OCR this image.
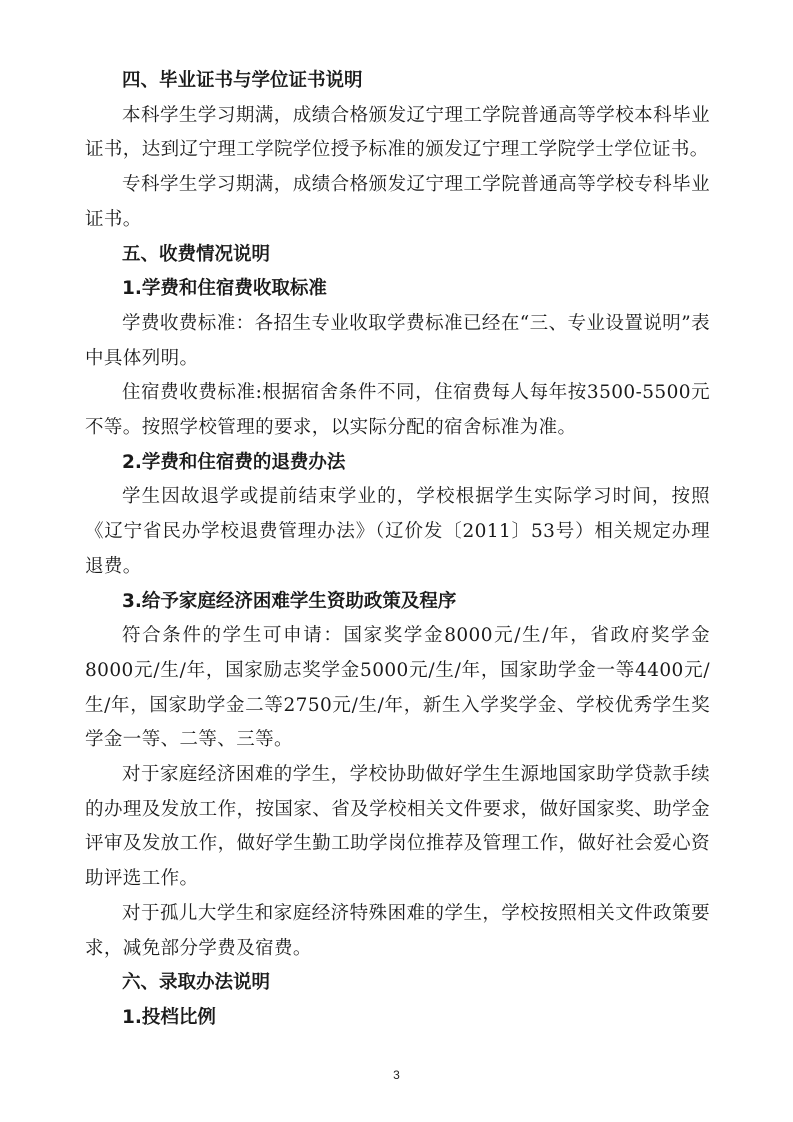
四、毕业证书与学位证书说明

本科学生学习期满，成绩合格颁发辽宁理工学院普通高等学校本科毕业证书，达到辽宁理工学院学位授予标准的颁发辽宁理工学院学士学位证书。

专科学生学习期满，成绩合格颁发辽宁理工学院普通高等学校专科毕业证书。

五、收费情况说明

1.学费和住宿费收取标准

学费收费标准：各招生专业收取学费标准已经在“三、专业设置说明”表中具体列明。

住宿费收费标准:根据宿舍条件不同，住宿费每人每年按3500-5500元不等。按照学校管理的要求，以实际分配的宿舍标准为准。

2.学费和住宿费的退费办法

学生因故退学或提前结束学业的，学校根据学生实际学习时间，按照《辽宁省民办学校退费管理办法》（辽价发〔2011〕53号）相关规定办理退费。

3.给予家庭经济困难学生资助政策及程序

符合条件的学生可申请：国家奖学金8000元/生/年，省政府奖学金8000元/生/年，国家励志奖学金5000元/生/年，国家助学金一等4400元/生/年，国家助学金二等2750元/生/年，新生入学奖学金、学校优秀学生奖学金一等、二等、三等。

对于家庭经济困难的学生，学校协助做好学生生源地国家助学贷款手续的办理及发放工作，按国家、省及学校相关文件要求，做好国家奖、助学金评审及发放工作，做好学生勤工助学岗位推荐及管理工作，做好社会爱心资助评选工作。

对于孤儿大学生和家庭经济特殊困难的学生，学校按照相关文件政策要求，减免部分学费及宿费。

六、录取办法说明

1.投档比例

3
